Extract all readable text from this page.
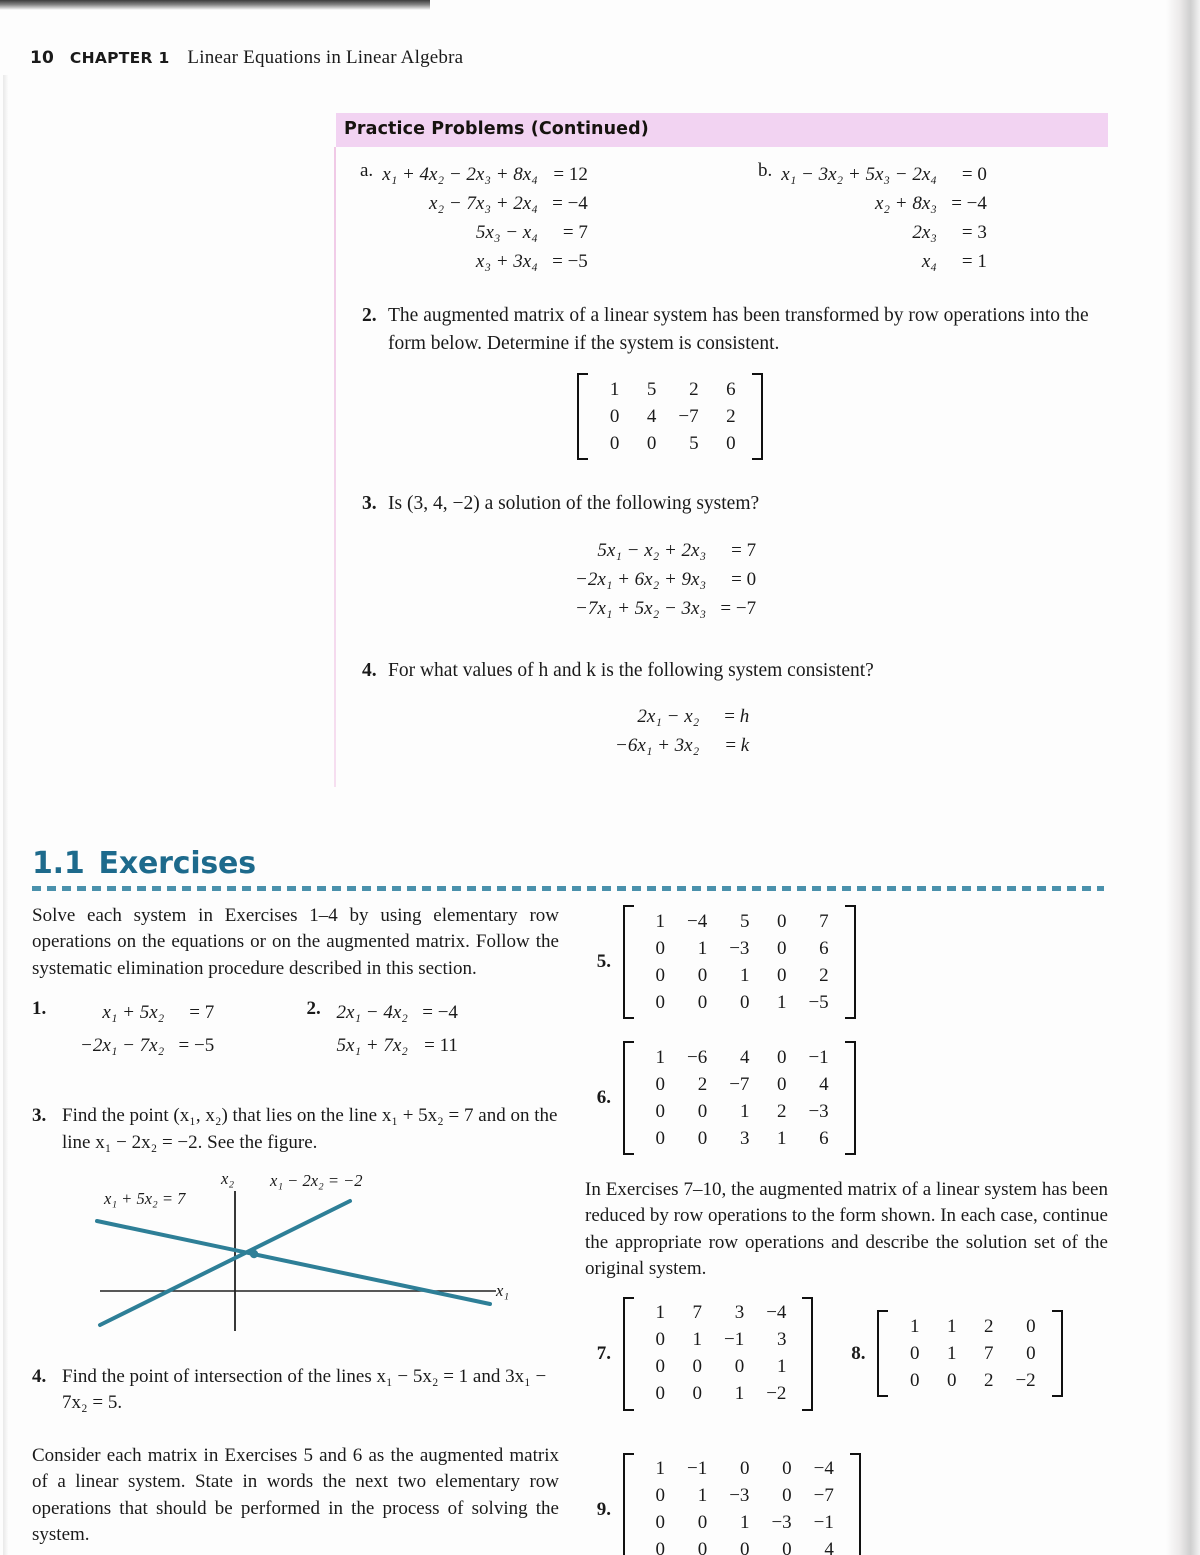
10 CHAPTER 1 Linear Equations in Linear Algebra
Practice Problems (Continued)
a.	x₁ + 4x₂ − 2x₃ + 8x₄	= 12
	x₂ − 7x₃ + 2x₄	= −4
	5x₃ − x₄	= 7
	x₃ + 3x₄	= −5
b.	x₁ − 3x₂ + 5x₃ − 2x₄	= 0
	x₂ + 8x₃	= −4
	2x₃	= 3
	x₄	= 1
2. The augmented matrix of a linear system has been transformed by row operations into the form below. Determine if the system is consistent.
1	5	2	6
0	4	−7	2
0	0	5	0
3. Is (3, 4, −2) a solution of the following system?
5x₁ − x₂ + 2x₃	= 7
−2x₁ + 6x₂ + 9x₃	= 0
−7x₁ + 5x₂ − 3x₃	= −7
4. For what values of h and k is the following system consistent?
2x₁ − x₂	= h
−6x₁ + 3x₂	= k
1.1 Exercises

Solve each system in Exercises 1–4 by using elementary row operations on the equations or on the augmented matrix. Follow the systematic elimination procedure described in this section.

1.	x₁ + 5x₂	= 7
−2x₁ − 7x₂	= −5
2. 2x₁ − 4x₂	= −4
5x₁ + 7x₂	= 11
3. Find the point (x₁, x₂) that lies on the line x₁ + 5x₂ = 7 and on the line x₁ − 2x₂ = −2. See the figure.
x₁ + 5x₂ = 7
x₁ − 2x₂ = −2
x₂
x₁
4. Find the point of intersection of the lines x₁ − 5x₂ = 1 and 3x₁ − 7x₂ = 5.

Consider each matrix in Exercises 5 and 6 as the augmented matrix of a linear system. State in words the next two elementary row operations that should be performed in the process of solving the system.

5.
1	−4	5	0	7
0	1	−3	0	6
0	0	1	0	2
0	0	0	1	−5
6.
1	−6	4	0	−1
0	2	−7	0	4
0	0	1	2	−3
0	0	3	1	6

In Exercises 7–10, the augmented matrix of a linear system has been reduced by row operations to the form shown. In each case, continue the appropriate row operations and describe the solution set of the original system.

7.
1	7	3	−4
0	1	−1	3
0	0	0	1
0	0	1	−2
8.
1	1	2	0
0	1	7	0
0	0	2	−2
9.
1	−1	0	0	−4
0	1	−3	0	−7
0	0	1	−3	−1
0	0	0	0	4
